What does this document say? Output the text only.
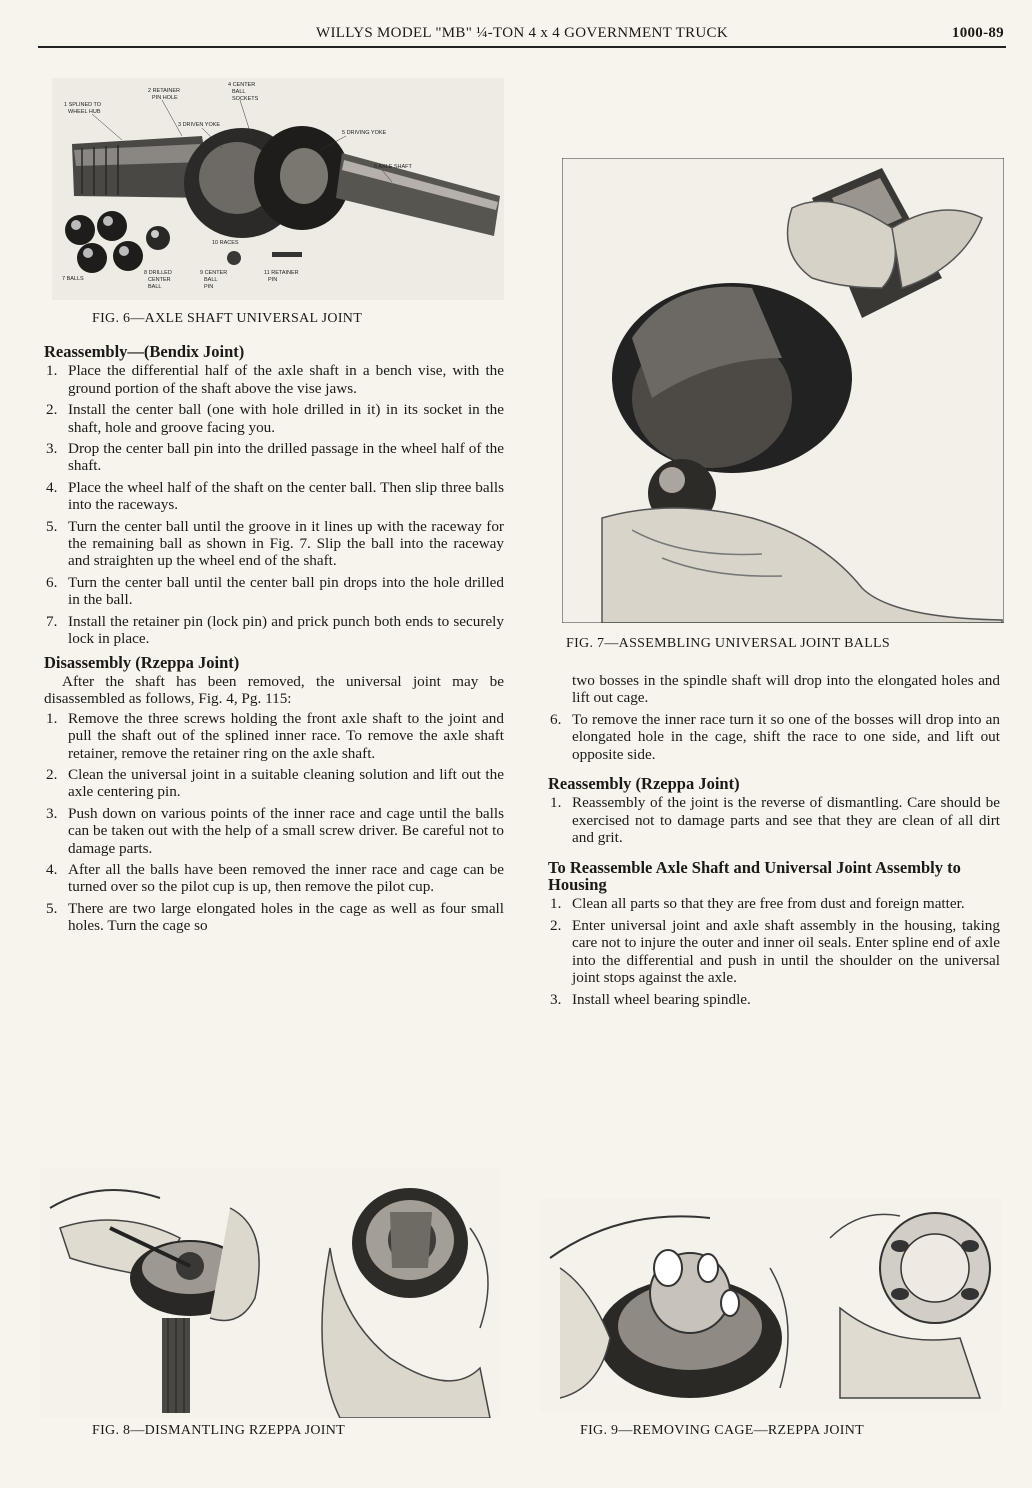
WILLYS MODEL "MB" ¼-TON 4 x 4 GOVERNMENT TRUCK	1000-89
1 SPLINED TO
WHEEL HUB
2 RETAINER
PIN HOLE
4 CENTER
BALL
SOCKETS
3 DRIVEN YOKE
5 DRIVING YOKE
6 AXLE SHAFT
7 BALLS
8 DRILLED
CENTER
BALL
9 CENTER
BALL
PIN
10 RACES
11 RETAINER
PIN
FIG. 6—AXLE SHAFT UNIVERSAL JOINT
FIG. 7—ASSEMBLING UNIVERSAL JOINT BALLS
Reassembly—(Bendix Joint)
1. Place the differential half of the axle shaft in a bench vise, with the ground portion of the shaft above the vise jaws.
2. Install the center ball (one with hole drilled in it) in its socket in the shaft, hole and groove facing you.
3. Drop the center ball pin into the drilled passage in the wheel half of the shaft.
4. Place the wheel half of the shaft on the center ball. Then slip three balls into the raceways.
5. Turn the center ball until the groove in it lines up with the raceway for the remaining ball as shown in Fig. 7. Slip the ball into the raceway and straighten up the wheel end of the shaft.
6. Turn the center ball until the center ball pin drops into the hole drilled in the ball.
7. Install the retainer pin (lock pin) and prick punch both ends to securely lock in place.
Disassembly (Rzeppa Joint)

After the shaft has been removed, the universal joint may be disassembled as follows, Fig. 4, Pg. 115:

1. Remove the three screws holding the front axle shaft to the joint and pull the shaft out of the splined inner race. To remove the axle shaft retainer, remove the retainer ring on the axle shaft.
2. Clean the universal joint in a suitable cleaning solution and lift out the axle centering pin.
3. Push down on various points of the inner race and cage until the balls can be taken out with the help of a small screw driver. Be careful not to damage parts.
4. After all the balls have been removed the inner race and cage can be turned over so the pilot cup is up, then remove the pilot cup.
5. There are two large elongated holes in the cage as well as four small holes. Turn the cage so

two bosses in the spindle shaft will drop into the elongated holes and lift out cage.

6. To remove the inner race turn it so one of the bosses will drop into an elongated hole in the cage, shift the race to one side, and lift out opposite side.
Reassembly (Rzeppa Joint)
1. Reassembly of the joint is the reverse of dismantling. Care should be exercised not to damage parts and see that they are clean of all dirt and grit.
To Reassemble Axle Shaft and Universal Joint Assembly to Housing
1. Clean all parts so that they are free from dust and foreign matter.
2. Enter universal joint and axle shaft assembly in the housing, taking care not to injure the outer and inner oil seals. Enter spline end of axle into the differential and push in until the shoulder on the universal joint stops against the axle.
3. Install wheel bearing spindle.
FIG. 8—DISMANTLING RZEPPA JOINT	FIG. 9—REMOVING CAGE—RZEPPA JOINT
